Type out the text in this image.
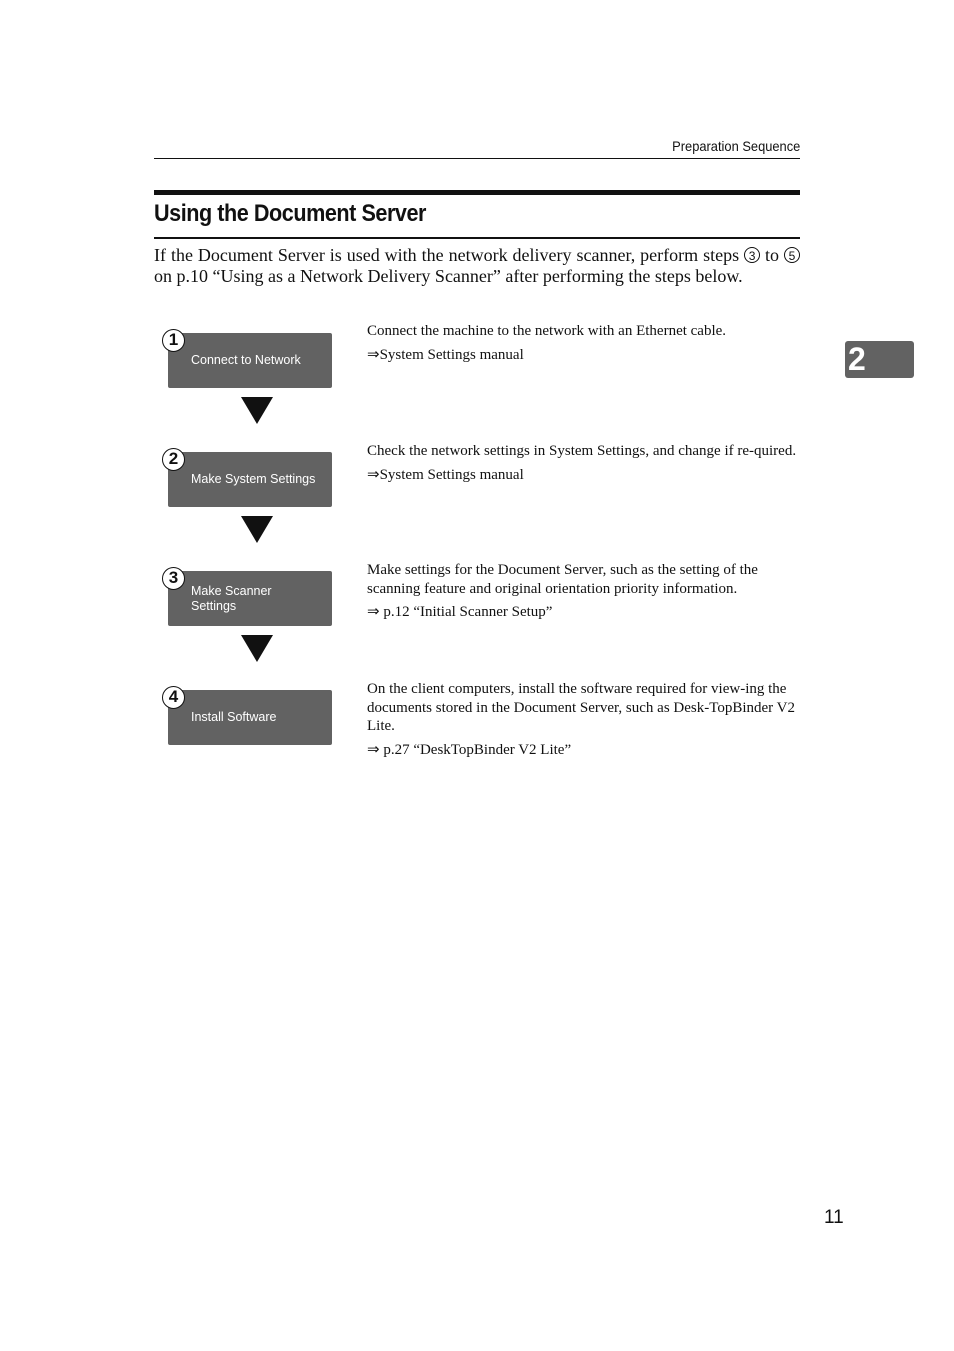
Preparation Sequence
Using the Document Server

If the Document Server is used with the network delivery scanner, perform steps 3 to 5 on p.10 “Using as a Network Delivery Scanner” after performing the steps below.

Connect to Network
1	Connect the machine to the network with an Ethernet cable.
⇒System Settings manual
Make System Settings
2	Check the network settings in System Settings, and change if re-quired.
⇒System Settings manual
Make Scanner Settings
3	Make settings for the Document Server, such as the setting of the scanning feature and original orientation priority information.
⇒ p.12 “Initial Scanner Setup”
Install Software
4	On the client computers, install the software required for view-ing the documents stored in the Document Server, such as Desk-TopBinder V2 Lite.
⇒ p.27 “DeskTopBinder V2 Lite”
2
11
